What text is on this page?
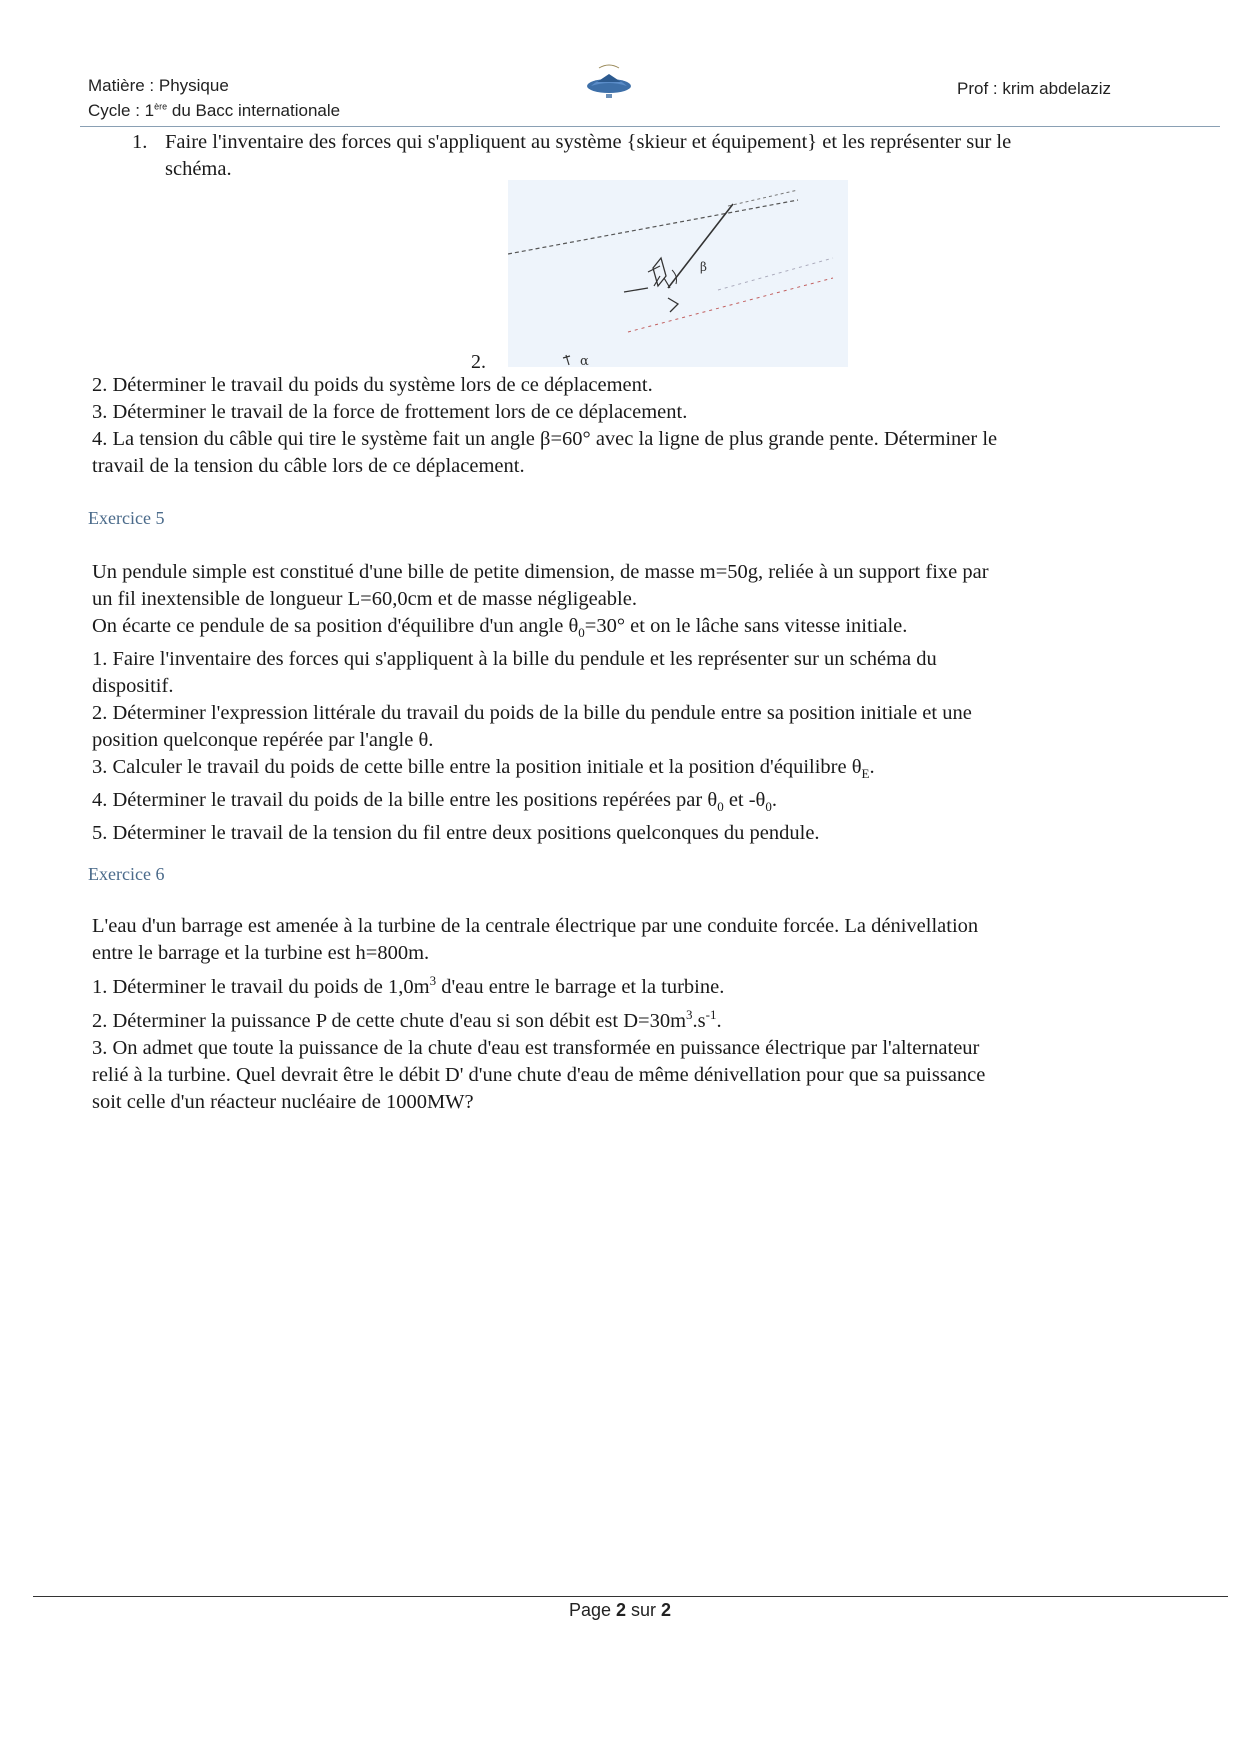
Matière : Physique
Cycle : 1ère du Bacc internationale
Prof : krim abdelaziz
1. Faire l'inventaire des forces qui s'appliquent au système {skieur et équipement} et les représenter sur le
schéma.
β
α
2.
2. Déterminer le travail du poids du système lors de ce déplacement.
3. Déterminer le travail de la force de frottement lors de ce déplacement.
4. La tension du câble qui tire le système fait un angle β=60° avec la ligne de plus grande pente. Déterminer le
travail de la tension du câble lors de ce déplacement.
Exercice 5
Un pendule simple est constitué d'une bille de petite dimension, de masse m=50g, reliée à un support fixe par
un fil inextensible de longueur L=60,0cm et de masse négligeable.
On écarte ce pendule de sa position d'équilibre d'un angle $\theta_0=30^\circ$ et on le lâche sans vitesse initiale.
1. Faire l'inventaire des forces qui s'appliquent à la bille du pendule et les représenter sur un schéma du
dispositif.
2. Déterminer l'expression littérale du travail du poids de la bille du pendule entre sa position initiale et une
position quelconque repérée par l'angle θ.
3. Calculer le travail du poids de cette bille entre la position initiale et la position d'équilibre $\theta_E$.
4. Déterminer le travail du poids de la bille entre les positions repérées par $\theta_0$ et $-\theta_0$.
5. Déterminer le travail de la tension du fil entre deux positions quelconques du pendule.
Exercice 6
L'eau d'un barrage est amenée à la turbine de la centrale électrique par une conduite forcée. La dénivellation
entre le barrage et la turbine est h=800m.
1. Déterminer le travail du poids de $1,0m^3$ d'eau entre le barrage et la turbine.
2. Déterminer la puissance P de cette chute d'eau si son débit est $D=30m^3.s^{-1}$.
3. On admet que toute la puissance de la chute d'eau est transformée en puissance électrique par l'alternateur
relié à la turbine. Quel devrait être le débit D' d'une chute d'eau de même dénivellation pour que sa puissance
soit celle d'un réacteur nucléaire de 1000MW?
Page 2 sur 2
